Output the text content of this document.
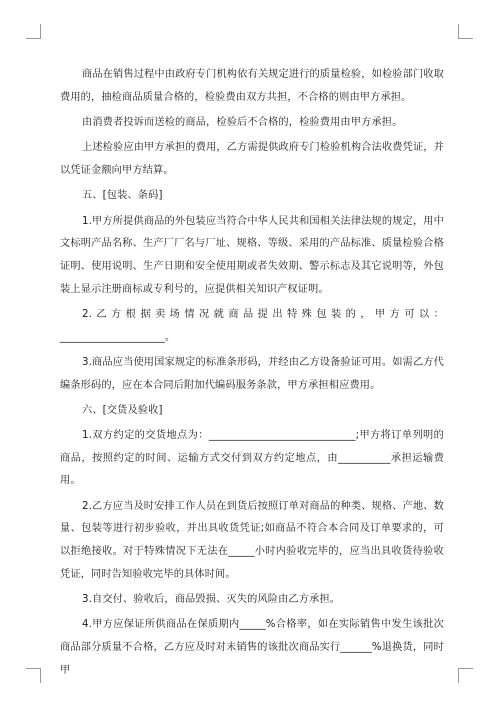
商品在销售过程中由政府专门机构依有关规定进行的质量检验，如检验部门收取费用的，抽检商品质量合格的，检验费由双方共担，不合格的则由甲方承担。

由消费者投诉而送检的商品，检验后不合格的，检验费用由甲方承担。

上述检验应由甲方承担的费用，乙方需提供政府专门检验机构合法收费凭证，并以凭证金额向甲方结算。

五、[包装、条码]

1.甲方所提供商品的外包装应当符合中华人民共和国相关法律法规的规定，用中文标明产品名称、生产厂厂名与厂址、规格、等级、采用的产品标准、质量检验合格证明、使用说明、生产日期和安全使用期或者失效期、警示标志及其它说明等，外包装上显示注册商标或专利号的，应提供相关知识产权证明。

2.乙方根据卖场情况就商品提出特殊包装的，甲方可以：____________________。

3.商品应当使用国家规定的标准条形码，并经由乙方设备验证可用。如需乙方代编条形码的，应在本合同后附加代编码服务条款，甲方承担相应费用。

六、[交货及验收]

1.双方约定的交货地点为：____________________________;甲方将订单列明的商品，按照约定的时间、运输方式交付到双方约定地点，由__________承担运输费用。

2.乙方应当及时安排工作人员在到货后按照订单对商品的种类、规格、产地、数量、包装等进行初步验收，并出具收货凭证;如商品不符合本合同及订单要求的，可以拒绝接收。对于特殊情况下无法在_____小时内验收完毕的，应当出具收货待验收凭证，同时告知验收完毕的具体时间。

3.自交付、验收后，商品毁损、灭失的风险由乙方承担。

4.甲方应保证所供商品在保质期内_____%合格率，如在实际销售中发生该批次商品部分质量不合格，乙方应及时对未销售的该批次商品实行______%退换货，同时甲
